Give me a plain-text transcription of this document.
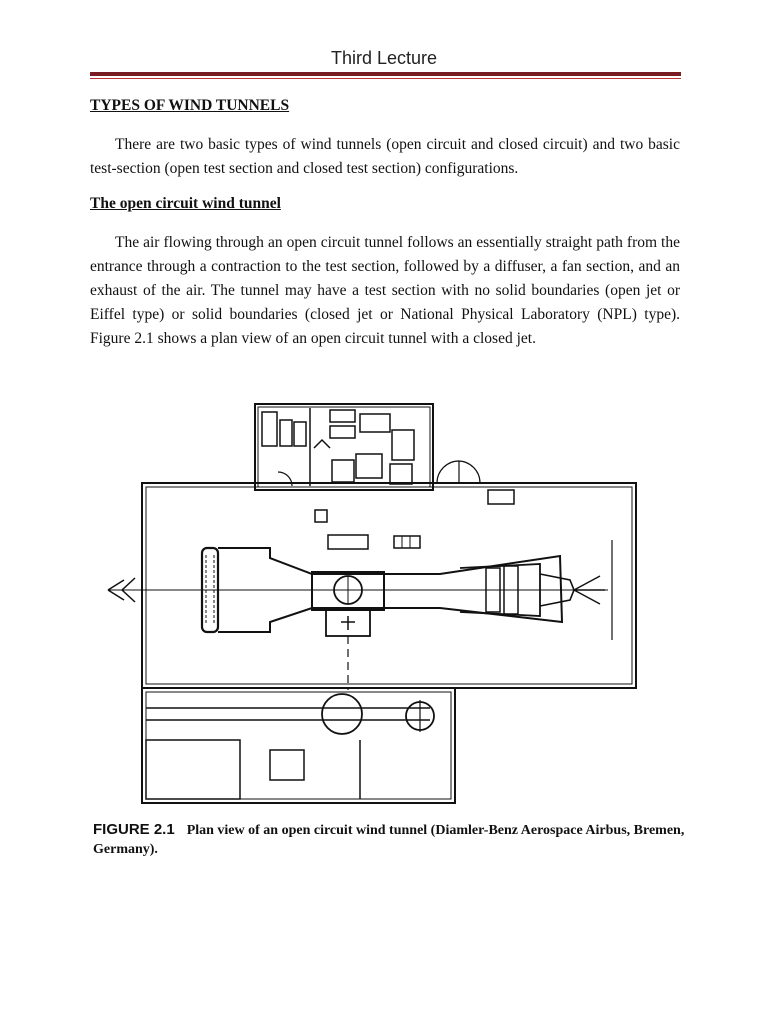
Third Lecture
TYPES OF WIND TUNNELS
There are two basic types of wind tunnels (open circuit and closed circuit) and two basic test-section (open test section and closed test section) configurations.
The open circuit wind tunnel
The air flowing through an open circuit tunnel follows an essentially straight path from the entrance through a contraction to the test section, followed by a diffuser, a fan section, and an exhaust of the air. The tunnel may have a test section with no solid boundaries (open jet or Eiffel type) or solid boundaries (closed jet or National Physical Laboratory (NPL) type). Figure 2.1 shows a plan view of an open circuit tunnel with a closed jet.
FIGURE 2.1 Plan view of an open circuit wind tunnel (Diamler-Benz Aerospace Airbus, Bremen, Germany).
